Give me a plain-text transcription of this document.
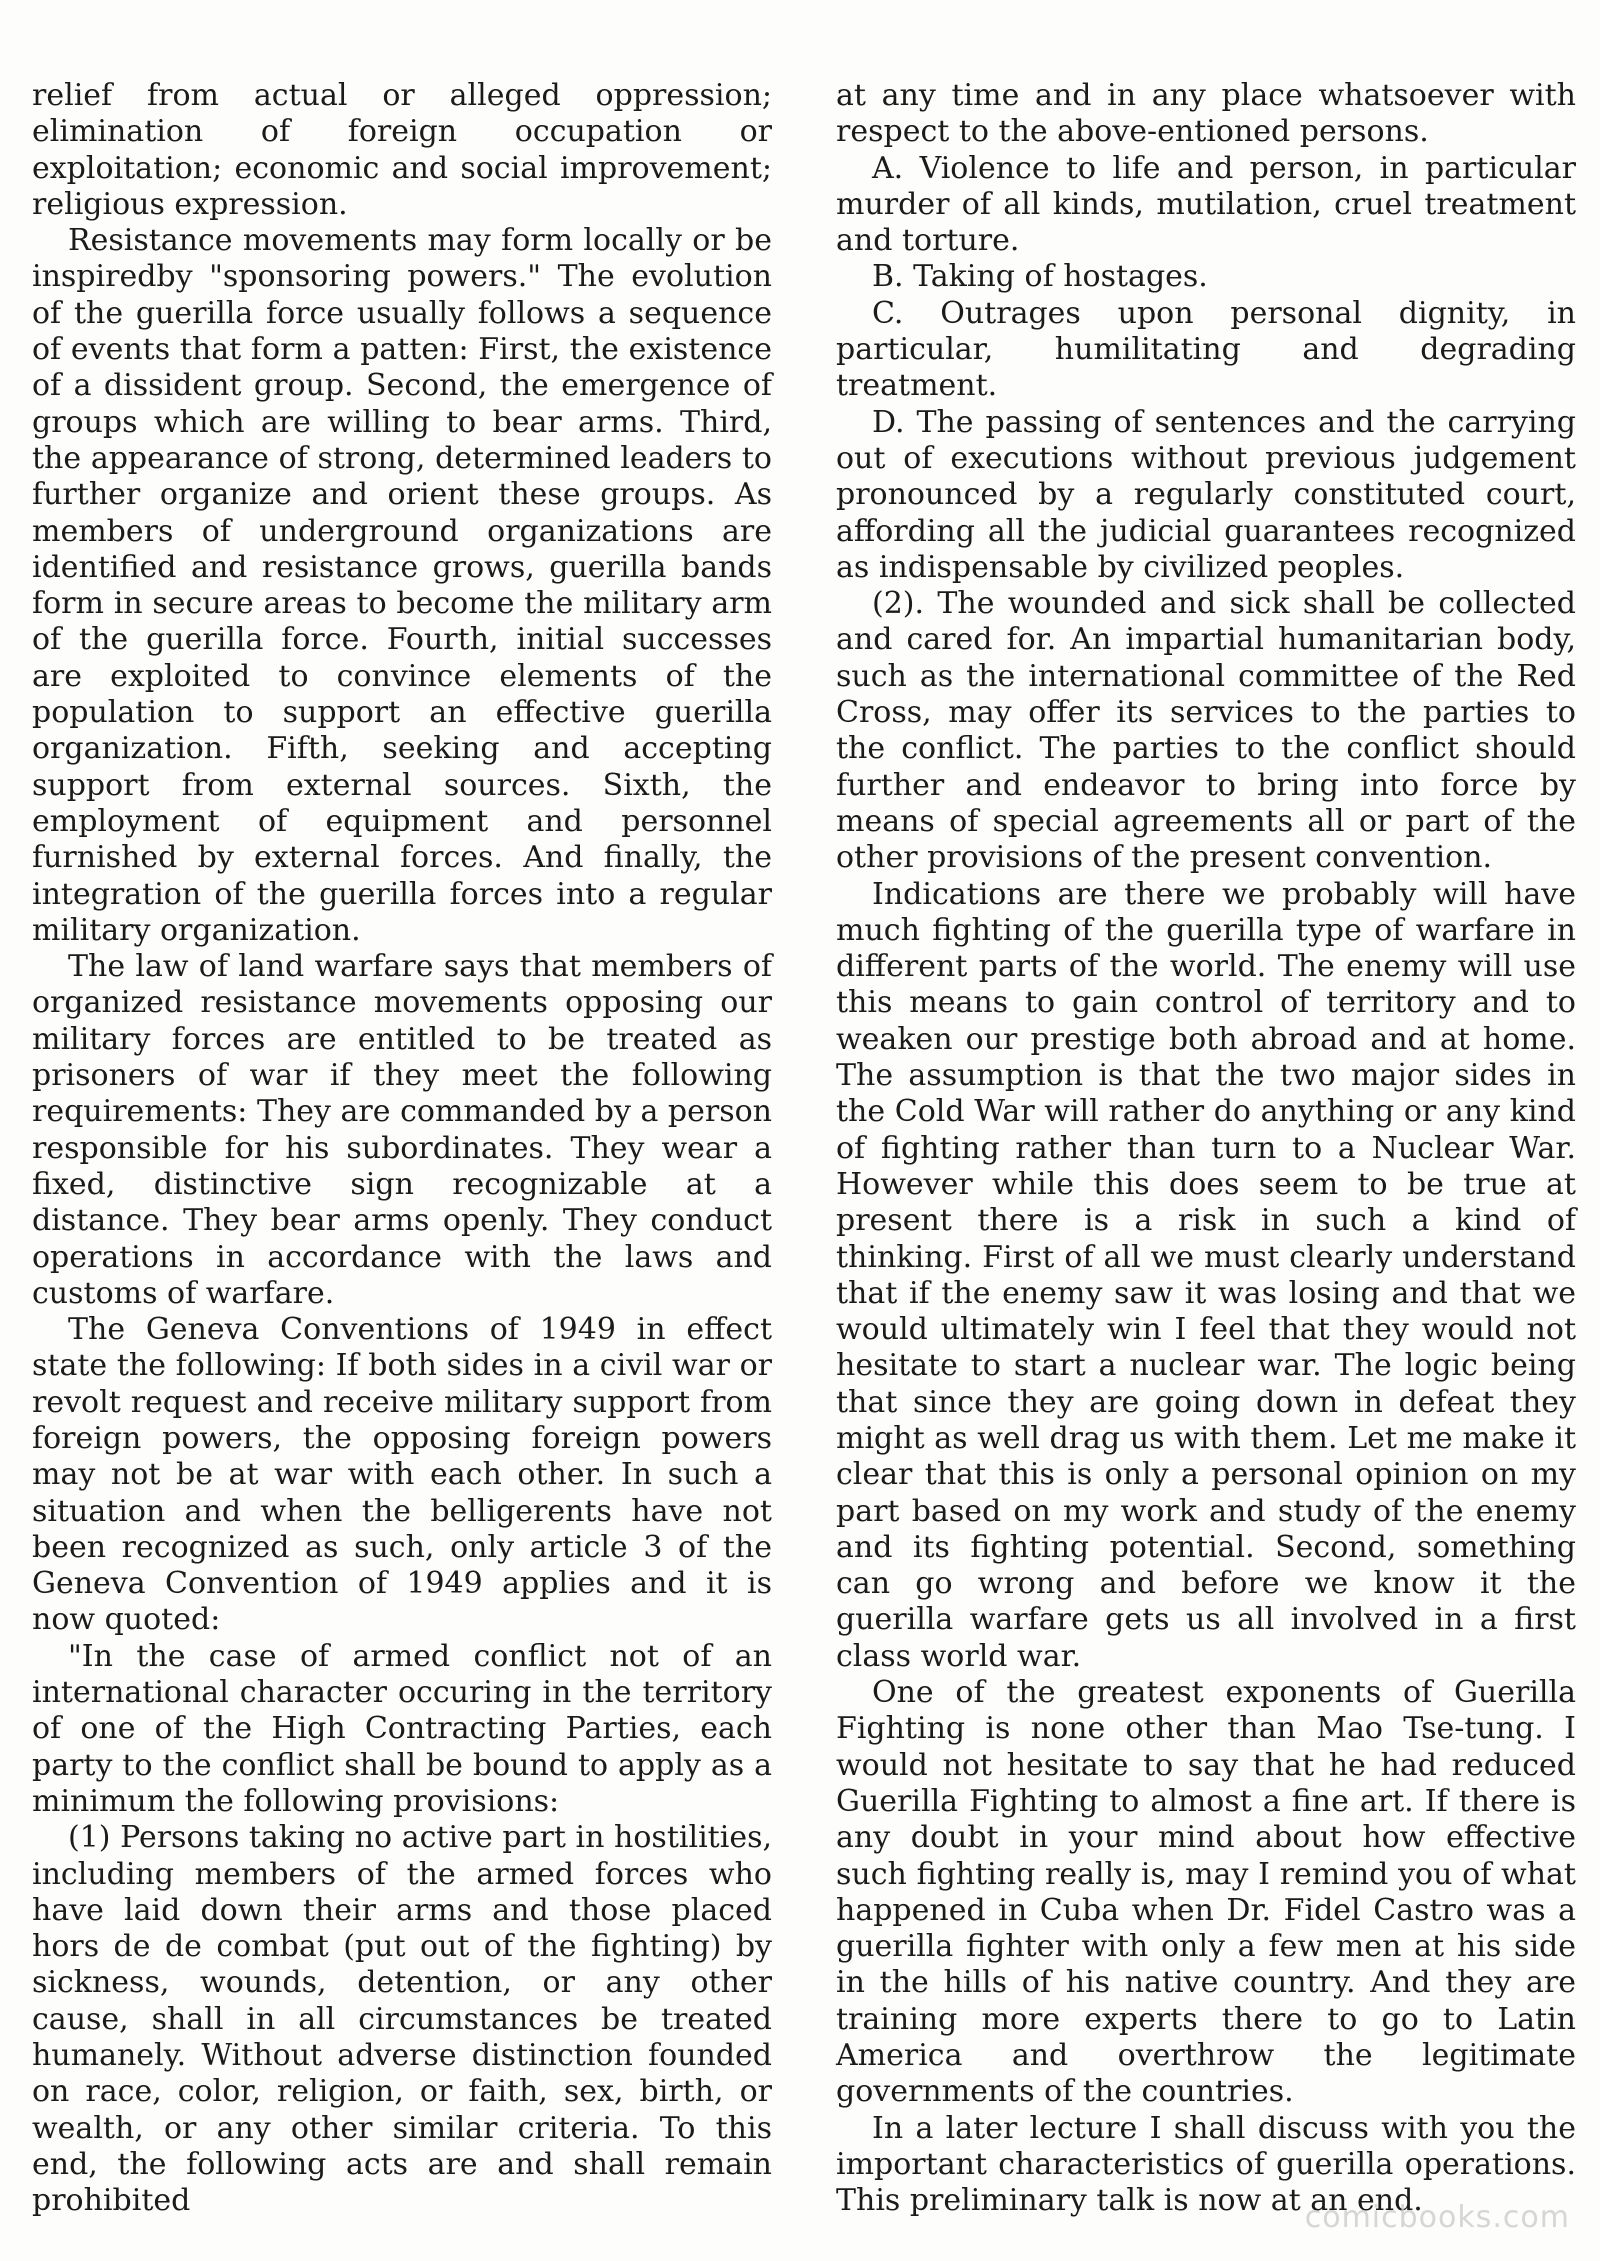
relief from actual or alleged oppression; elimination of foreign occupation or exploitation; economic and social improvement; religious expression.

Resistance movements may form locally or be inspiredby "sponsoring powers." The evolution of the guerilla force usually follows a sequence of events that form a patten: First, the existence of a dissident group. Second, the emergence of groups which are willing to bear arms. Third, the appearance of strong, determined leaders to further organize and orient these groups. As members of underground organizations are identified and resistance grows, guerilla bands form in secure areas to become the military arm of the guerilla force. Fourth, initial successes are exploited to convince elements of the population to support an effective guerilla organization. Fifth, seeking and accepting support from external sources. Sixth, the employment of equipment and personnel furnished by external forces. And finally, the integration of the guerilla forces into a regular military organization.

The law of land warfare says that members of organized resistance movements opposing our military forces are entitled to be treated as prisoners of war if they meet the following requirements: They are commanded by a person responsible for his subordinates. They wear a fixed, distinctive sign recognizable at a distance. They bear arms openly. They conduct operations in accordance with the laws and customs of warfare.

The Geneva Conventions of 1949 in effect state the following: If both sides in a civil war or revolt request and receive military support from foreign powers, the opposing foreign powers may not be at war with each other. In such a situation and when the belligerents have not been recognized as such, only article 3 of the Geneva Convention of 1949 applies and it is now quoted:

"In the case of armed conflict not of an international character occuring in the territory of one of the High Contracting Parties, each party to the conflict shall be bound to apply as a minimum the following provisions:

(1) Persons taking no active part in hostilities, including members of the armed forces who have laid down their arms and those placed hors de de combat (put out of the fighting) by sickness, wounds, detention, or any other cause, shall in all circumstances be treated humanely. Without adverse distinction founded on race, color, religion, or faith, sex, birth, or wealth, or any other similar criteria. To this end, the following acts are and shall remain prohibited

at any time and in any place whatsoever with respect to the above-entioned persons.

A. Violence to life and person, in particular murder of all kinds, mutilation, cruel treatment and torture.

B. Taking of hostages.

C. Outrages upon personal dignity, in particular, humilitating and degrading treatment.

D. The passing of sentences and the carrying out of executions without previous judgement pronounced by a regularly constituted court, affording all the judicial guarantees recognized as indispensable by civilized peoples.

(2). The wounded and sick shall be collected and cared for. An impartial humanitarian body, such as the international committee of the Red Cross, may offer its services to the parties to the conflict. The parties to the conflict should further and endeavor to bring into force by means of special agreements all or part of the other provisions of the present convention.

Indications are there we probably will have much fighting of the guerilla type of warfare in different parts of the world. The enemy will use this means to gain control of territory and to weaken our prestige both abroad and at home. The assumption is that the two major sides in the Cold War will rather do anything or any kind of fighting rather than turn to a Nuclear War. However while this does seem to be true at present there is a risk in such a kind of thinking. First of all we must clearly understand that if the enemy saw it was losing and that we would ultimately win I feel that they would not hesitate to start a nuclear war. The logic being that since they are going down in defeat they might as well drag us with them. Let me make it clear that this is only a personal opinion on my part based on my work and study of the enemy and its fighting potential. Second, something can go wrong and before we know it the guerilla warfare gets us all involved in a first class world war.

One of the greatest exponents of Guerilla Fighting is none other than Mao Tse-tung. I would not hesitate to say that he had reduced Guerilla Fighting to almost a fine art. If there is any doubt in your mind about how effective such fighting really is, may I remind you of what happened in Cuba when Dr. Fidel Castro was a guerilla fighter with only a few men at his side in the hills of his native country. And they are training more experts there to go to Latin America and overthrow the legitimate governments of the countries.

In a later lecture I shall discuss with you the important characteristics of guerilla operations. This preliminary talk is now at an end.

comicbooks.com
